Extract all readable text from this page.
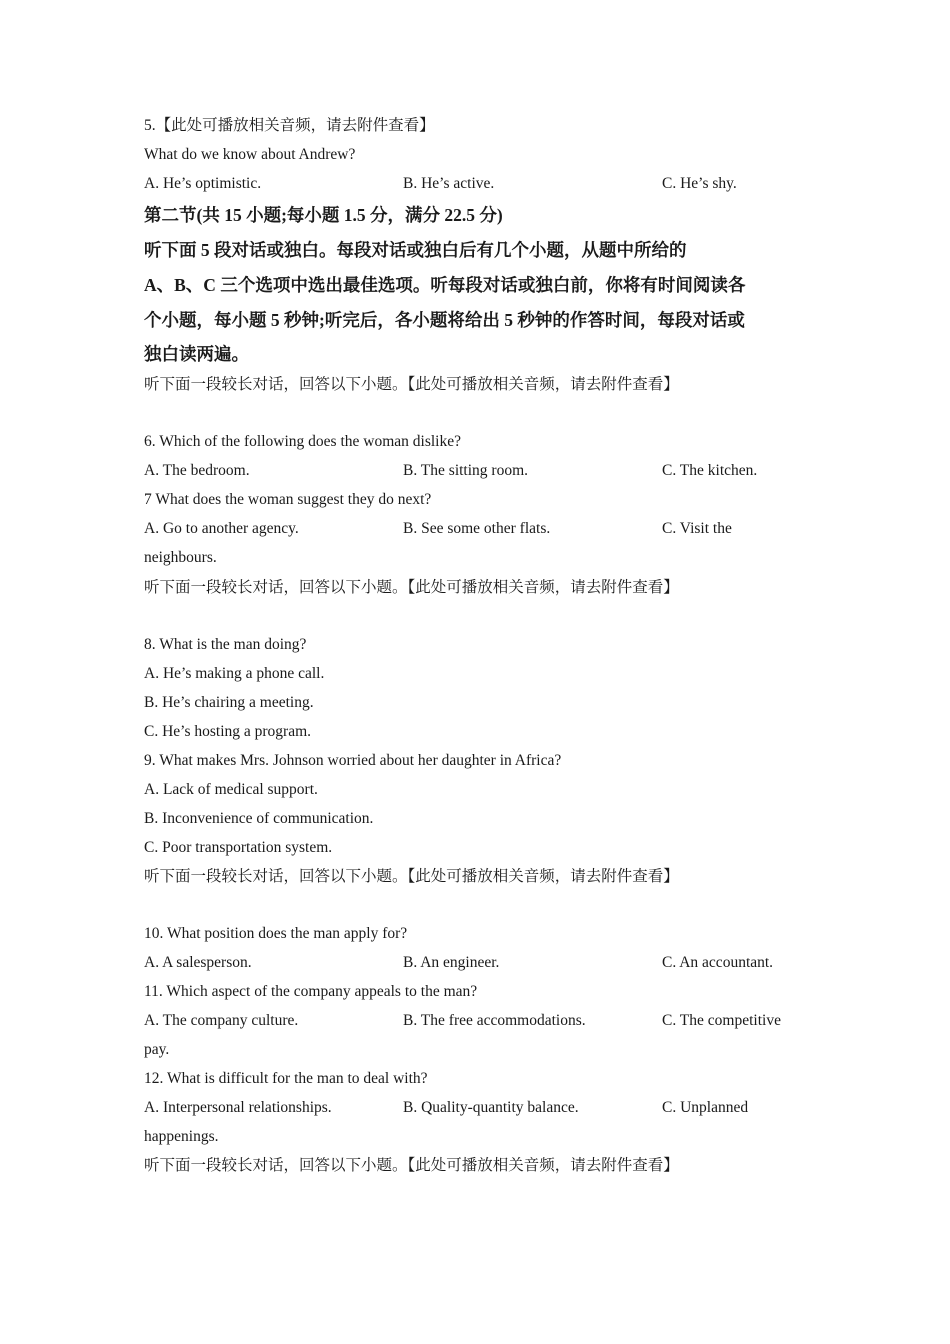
5.【此处可播放相关音频，请去附件查看】
What do we know about Andrew?
A. He’s optimistic.	B. He’s active.	C. He’s shy.
第二节(共 15 小题;每小题 1.5 分，满分 22.5 分)
听下面 5 段对话或独白。每段对话或独白后有几个小题，从题中所给的
A、B、C 三个选项中选出最佳选项。听每段对话或独白前，你将有时间阅读各
个小题，每小题 5 秒钟;听完后，各小题将给出 5 秒钟的作答时间，每段对话或
独白读两遍。
听下面一段较长对话，回答以下小题。【此处可播放相关音频，请去附件查看】
6. Which of the following does the woman dislike?
A. The bedroom.	B. The sitting room.	C. The kitchen.
7 What does the woman suggest they do next?
A. Go to another agency.	B. See some other flats.	C. Visit the
neighbours.
听下面一段较长对话，回答以下小题。【此处可播放相关音频，请去附件查看】
8. What is the man doing?
A. He’s making a phone call.
B. He’s chairing a meeting.
C. He’s hosting a program.
9. What makes Mrs. Johnson worried about her daughter in Africa?
A. Lack of medical support.
B. Inconvenience of communication.
C. Poor transportation system.
听下面一段较长对话，回答以下小题。【此处可播放相关音频，请去附件查看】
10. What position does the man apply for?
A. A salesperson.	B. An engineer.	C. An accountant.
11. Which aspect of the company appeals to the man?
A. The company culture.	B. The free accommodations.	C. The competitive
pay.
12. What is difficult for the man to deal with?
A. Interpersonal relationships.	B. Quality-quantity balance.	C. Unplanned
happenings.
听下面一段较长对话，回答以下小题。【此处可播放相关音频，请去附件查看】
